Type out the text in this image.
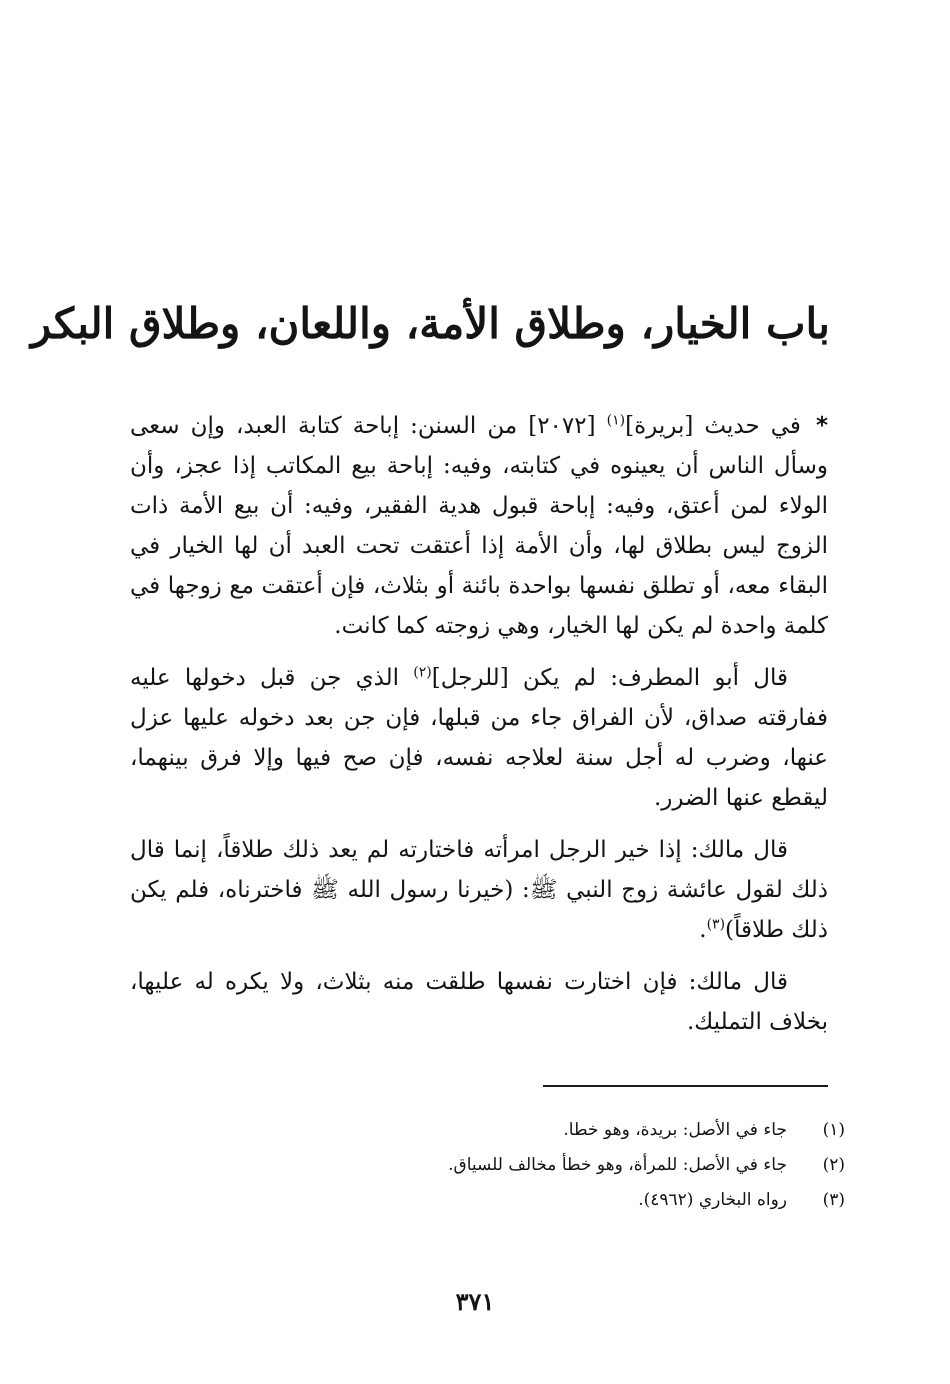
باب الخيار، وطلاق الأمة، واللعان، وطلاق البكر

* في حديث [بريرة]$^{(١)}$ [٢٠٧٢] من السنن: إباحة كتابة العبد، وإن سعى وسأل الناس أن يعينوه في كتابته، وفيه: إباحة بيع المكاتب إذا عجز، وأن الولاء لمن أعتق، وفيه: إباحة قبول هدية الفقير، وفيه: أن بيع الأمة ذات الزوج ليس بطلاق لها، وأن الأمة إذا أعتقت تحت العبد أن لها الخيار في البقاء معه، أو تطلق نفسها بواحدة بائنة أو بثلاث، فإن أعتقت مع زوجها في كلمة واحدة لم يكن لها الخيار، وهي زوجته كما كانت.

قال أبو المطرف: لم يكن [للرجل]$^{(٢)}$ الذي جن قبل دخولها عليه ففارقته صداق، لأن الفراق جاء من قبلها، فإن جن بعد دخوله عليها عزل عنها، وضرب له أجل سنة لعلاجه نفسه، فإن صح فيها وإلا فرق بينهما، ليقطع عنها الضرر.

قال مالك: إذا خير الرجل امرأته فاختارته لم يعد ذلك طلاقاً، إنما قال ذلك لقول عائشة زوج النبي ﷺ: (خيرنا رسول الله ﷺ فاخترناه، فلم يكن ذلك طلاقاً)$^{(٣)}$.

قال مالك: فإن اختارت نفسها طلقت منه بثلاث، ولا يكره له عليها، بخلاف التمليك.

(١)
جاء في الأصل: بريدة، وهو خطا.
(٢)
جاء في الأصل: للمرأة، وهو خطأ مخالف للسياق.
(٣)
رواه البخاري (٤٩٦٢).
٣٧١
